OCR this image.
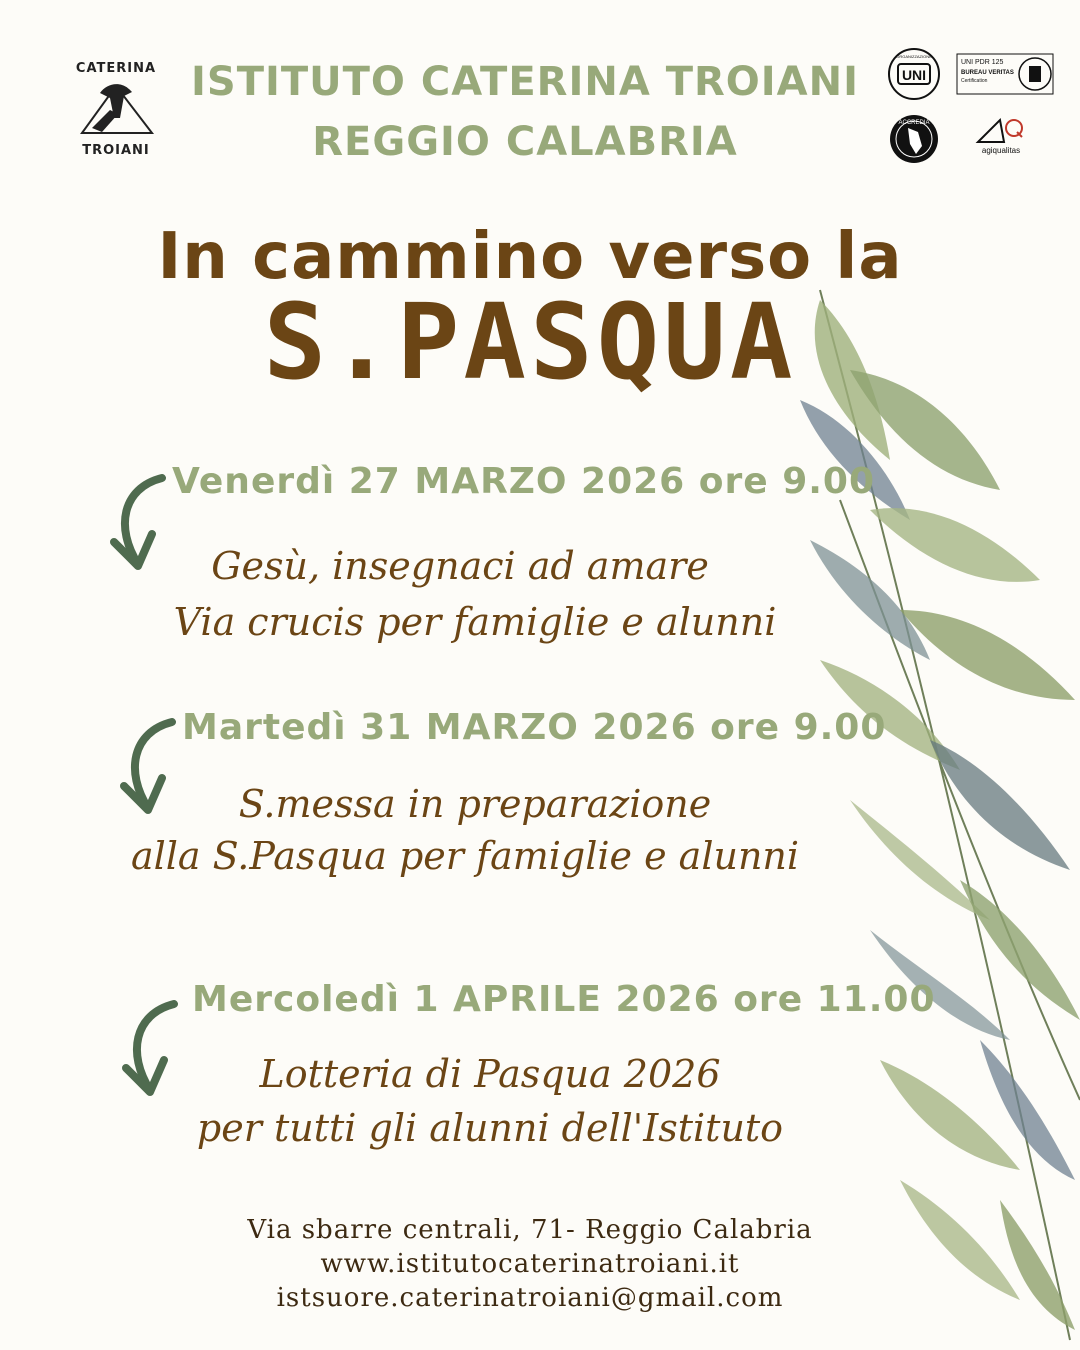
CATERINA
TROIANI
ISTITUTO CATERINA TROIANI
REGGIO CALABRIA
UNI
ORGANIZZAZIONE
UNI PDR 125
BUREAU VERITAS
Certification
ACCREDIA
agiqualitas
In cammino verso la
S.PASQUA
Venerdì 27 MARZO 2026 ore 9.00
Gesù, insegnaci ad amare
Via crucis per famiglie e alunni
Martedì 31 MARZO 2026 ore 9.00
S.messa in preparazione
alla S.Pasqua per famiglie e alunni
Mercoledì 1 APRILE 2026 ore 11.00
Lotteria di Pasqua 2026
per tutti gli alunni dell'Istituto
Via sbarre centrali, 71- Reggio Calabria
www.istitutocaterinatroiani.it
istsuore.caterinatroiani@gmail.com
